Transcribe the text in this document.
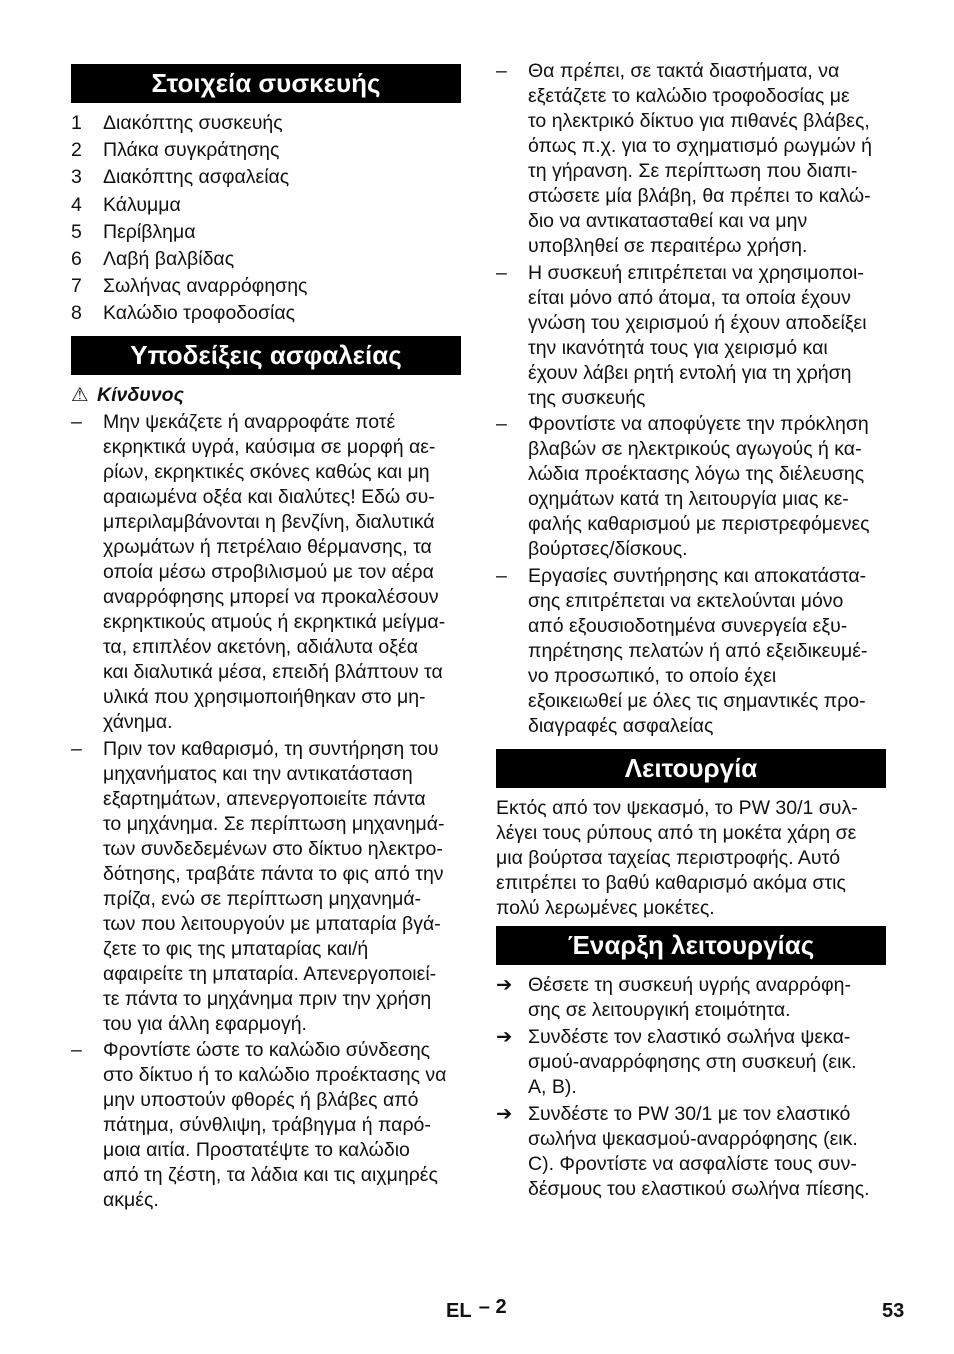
Στοιχεία συσκευής
1 Διακόπτης συσκευής
2 Πλάκα συγκράτησης
3 Διακόπτης ασφαλείας
4 Κάλυμμα
5 Περίβλημα
6 Λαβή βαλβίδας
7 Σωλήνας αναρρόφησης
8 Καλώδιο τροφοδοσίας
Υποδείξεις ασφαλείας
⚠ Κίνδυνος
– Μην ψεκάζετε ή αναρροφάτε ποτέ
εκρηκτικά υγρά, καύσιμα σε μορφή αε-
ρίων, εκρηκτικές σκόνες καθώς και μη
αραιωμένα οξέα και διαλύτες! Εδώ συ-
μπεριλαμβάνονται η βενζίνη, διαλυτικά
χρωμάτων ή πετρέλαιο θέρμανσης, τα
οποία μέσω στροβιλισμού με τον αέρα
αναρρόφησης μπορεί να προκαλέσουν
εκρηκτικούς ατμούς ή εκρηκτικά μείγμα-
τα, επιπλέον ακετόνη, αδιάλυτα οξέα
και διαλυτικά μέσα, επειδή βλάπτουν τα
υλικά που χρησιμοποιήθηκαν στο μη-
χάνημα.
– Πριν τον καθαρισμό, τη συντήρηση του
μηχανήματος και την αντικατάσταση
εξαρτημάτων, απενεργοποιείτε πάντα
το μηχάνημα. Σε περίπτωση μηχανημά-
των συνδεδεμένων στο δίκτυο ηλεκτρο-
δότησης, τραβάτε πάντα το φις από την
πρίζα, ενώ σε περίπτωση μηχανημά-
των που λειτουργούν με μπαταρία βγά-
ζετε το φις της μπαταρίας και/ή
αφαιρείτε τη μπαταρία. Απενεργοποιεί-
τε πάντα το μηχάνημα πριν την χρήση
του για άλλη εφαρμογή.
– Φροντίστε ώστε το καλώδιο σύνδεσης
στο δίκτυο ή το καλώδιο προέκτασης να
μην υποστούν φθορές ή βλάβες από
πάτημα, σύνθλιψη, τράβηγμα ή παρό-
μοια αιτία. Προστατέψτε το καλώδιο
από τη ζέστη, τα λάδια και τις αιχμηρές
ακμές.
– Θα πρέπει, σε τακτά διαστήματα, να
εξετάζετε το καλώδιο τροφοδοσίας με
το ηλεκτρικό δίκτυο για πιθανές βλάβες,
όπως π.χ. για το σχηματισμό ρωγμών ή
τη γήρανση. Σε περίπτωση που διαπι-
στώσετε μία βλάβη, θα πρέπει το καλώ-
διο να αντικατασταθεί και να μην
υποβληθεί σε περαιτέρω χρήση.
– Η συσκευή επιτρέπεται να χρησιμοποι-
είται μόνο από άτομα, τα οποία έχουν
γνώση του χειρισμού ή έχουν αποδείξει
την ικανότητά τους για χειρισμό και
έχουν λάβει ρητή εντολή για τη χρήση
της συσκευής
– Φροντίστε να αποφύγετε την πρόκληση
βλαβών σε ηλεκτρικούς αγωγούς ή κα-
λώδια προέκτασης λόγω της διέλευσης
οχημάτων κατά τη λειτουργία μιας κε-
φαλής καθαρισμού με περιστρεφόμενες
βούρτσες/δίσκους.
– Εργασίες συντήρησης και αποκατάστα-
σης επιτρέπεται να εκτελούνται μόνο
από εξουσιοδοτημένα συνεργεία εξυ-
πηρέτησης πελατών ή από εξειδικευμέ-
νο προσωπικό, το οποίο έχει
εξοικειωθεί με όλες τις σημαντικές προ-
διαγραφές ασφαλείας
Λειτουργία
Εκτός από τον ψεκασμό, το PW 30/1 συλ-
λέγει τους ρύπους από τη μοκέτα χάρη σε
μια βούρτσα ταχείας περιστροφής. Αυτό
επιτρέπει το βαθύ καθαρισμό ακόμα στις
πολύ λερωμένες μοκέτες.
Έναρξη λειτουργίας
➔ Θέσετε τη συσκευή υγρής αναρρόφη-
σης σε λειτουργική ετοιμότητα.
➔ Συνδέστε τον ελαστικό σωλήνα ψεκα-
σμού-αναρρόφησης στη συσκευή (εικ.
A, B).
➔ Συνδέστε το PW 30/1 με τον ελαστικό
σωλήνα ψεκασμού-αναρρόφησης (εικ.
C). Φροντίστε να ασφαλίστε τους συν-
δέσμους του ελαστικού σωλήνα πίεσης.
EL – 2	53
